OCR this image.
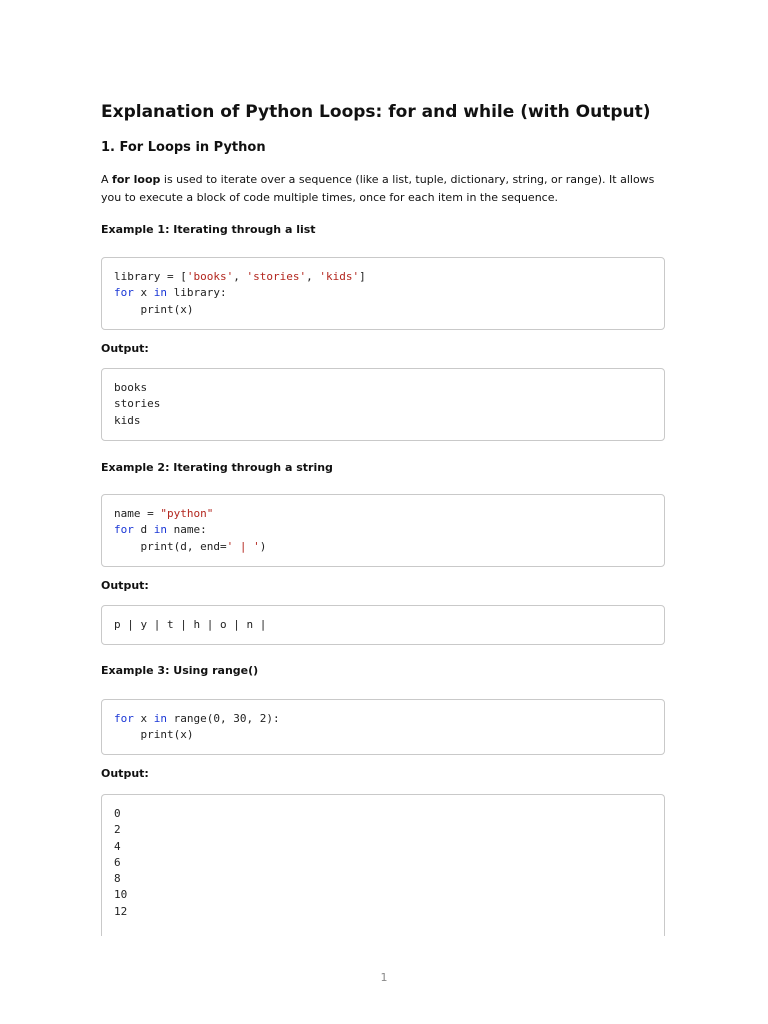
Explanation of Python Loops: for and while (with Output)
1. For Loops in Python

A for loop is used to iterate over a sequence (like a list, tuple, dictionary, string, or range). It allows you to execute a block of code multiple times, once for each item in the sequence.

Example 1: Iterating through a list
library = ['books', 'stories', 'kids']
for x in library:
print(x)
Output:
books
stories
kids
Example 2: Iterating through a string
name = "python"
for d in name:
print(d, end=' | ')
Output:
p | y | t | h | o | n |
Example 3: Using range()
for x in range(0, 30, 2):
print(x)
Output:
0
2
4
6
8
10
12
1
